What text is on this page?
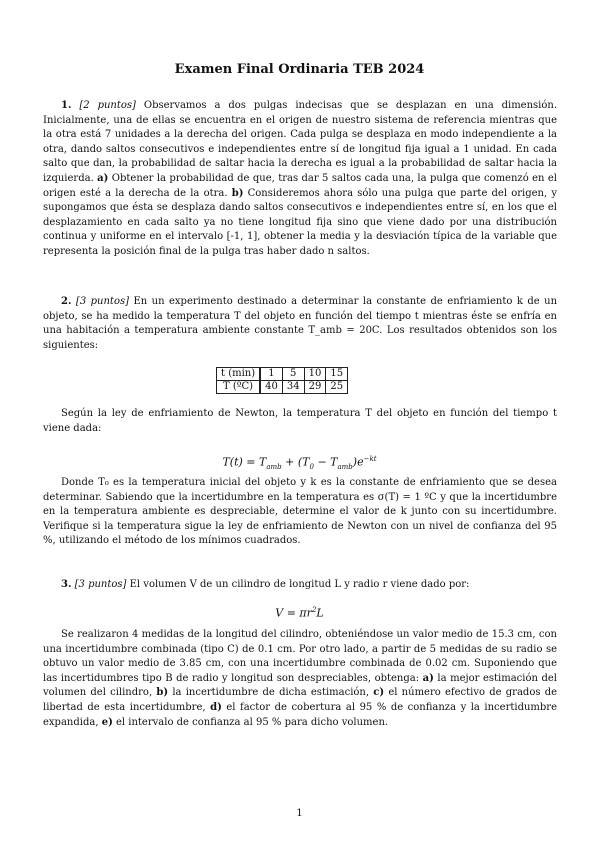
Examen Final Ordinaria TEB 2024

1. [2 puntos] Observamos a dos pulgas indecisas que se desplazan en una dimensión. Inicialmente, una de ellas se encuentra en el origen de nuestro sistema de referencia mientras que la otra está 7 unidades a la derecha del origen. Cada pulga se desplaza en modo independiente a la otra, dando saltos consecutivos e independientes entre sí de longitud fija igual a 1 unidad. En cada salto que dan, la probabilidad de saltar hacia la derecha es igual a la probabilidad de saltar hacia la izquierda. a) Obtener la probabilidad de que, tras dar 5 saltos cada una, la pulga que comenzó en el origen esté a la derecha de la otra. b) Consideremos ahora sólo una pulga que parte del origen, y supongamos que ésta se desplaza dando saltos consecutivos e independientes entre sí, en los que el desplazamiento en cada salto ya no tiene longitud fija sino que viene dado por una distribución continua y uniforme en el intervalo [-1, 1], obtener la media y la desviación típica de la variable que representa la posición final de la pulga tras haber dado n saltos.

2. [3 puntos] En un experimento destinado a determinar la constante de enfriamiento k de un objeto, se ha medido la temperatura T del objeto en función del tiempo t mientras éste se enfría en una habitación a temperatura ambiente constante T_amb = 20C. Los resultados obtenidos son los siguientes:

t (min)	1	5	10	15
T (ºC)	40	34	29	25

Según la ley de enfriamiento de Newton, la temperatura T del objeto en función del tiempo t viene dada:

$T(t) = T_{amb} + (T_0 - T_{amb})e^{-kt}$

Donde T₀ es la temperatura inicial del objeto y k es la constante de enfriamiento que se desea determinar. Sabiendo que la incertidumbre en la temperatura es σ(T) = 1 ºC y que la incertidumbre en la temperatura ambiente es despreciable, determine el valor de k junto con su incertidumbre. Verifique si la temperatura sigue la ley de enfriamiento de Newton con un nivel de confianza del 95 %, utilizando el método de los mínimos cuadrados.

3. [3 puntos] El volumen V de un cilindro de longitud L y radio r viene dado por:

$V = \pi r^2L$

Se realizaron 4 medidas de la longitud del cilindro, obteniéndose un valor medio de 15.3 cm, con una incertidumbre combinada (tipo C) de 0.1 cm. Por otro lado, a partir de 5 medidas de su radio se obtuvo un valor medio de 3.85 cm, con una incertidumbre combinada de 0.02 cm. Suponiendo que las incertidumbres tipo B de radio y longitud son despreciables, obtenga: a) la mejor estimación del volumen del cilindro, b) la incertidumbre de dicha estimación, c) el número efectivo de grados de libertad de esta incertidumbre, d) el factor de cobertura al 95 % de confianza y la incertidumbre expandida, e) el intervalo de confianza al 95 % para dicho volumen.

1
